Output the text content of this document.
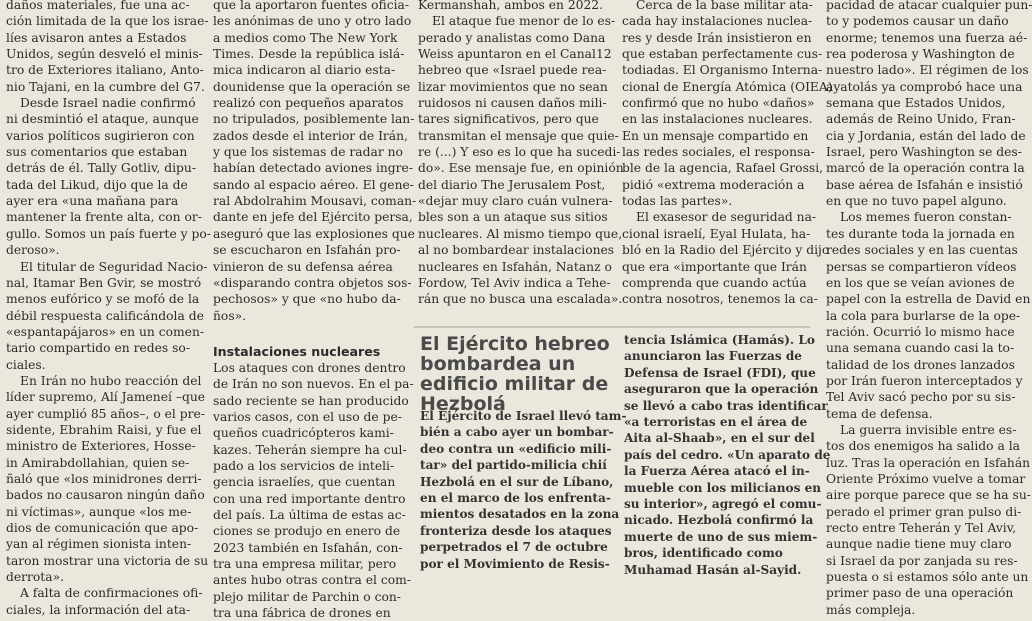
daños materiales, fue una ac-
ción limitada de la que los israe-
líes avisaron antes a Estados
Unidos, según desveló el minis-
tro de Exteriores italiano, Anto-
nio Tajani, en la cumbre del G7.
Desde Israel nadie confirmó
ni desmintió el ataque, aunque
varios políticos sugirieron con
sus comentarios que estaban
detrás de él. Tally Gotliv, dipu-
tada del Likud, dijo que la de
ayer era «una mañana para
mantener la frente alta, con or-
gullo. Somos un país fuerte y po-
deroso».
El titular de Seguridad Nacio-
nal, Itamar Ben Gvir, se mostró
menos eufórico y se mofó de la
débil respuesta calificándola de
«espantapájaros» en un comen-
tario compartido en redes so-
ciales.
En Irán no hubo reacción del
líder supremo, Alí Jameneí –que
ayer cumplió 85 años–, o el pre-
sidente, Ebrahim Raisi, y fue el
ministro de Exteriores, Hosse-
in Amirabdollahian, quien se-
ñaló que «los minidrones derri-
bados no causaron ningún daño
ni víctimas», aunque «los me-
dios de comunicación que apo-
yan al régimen sionista inten-
taron mostrar una victoria de su
derrota».
A falta de confirmaciones ofi-
ciales, la información del ata-
que la aportaron fuentes oficia-
les anónimas de uno y otro lado
a medios como The New York
Times. Desde la república islá-
mica indicaron al diario esta-
dounidense que la operación se
realizó con pequeños aparatos
no tripulados, posiblemente lan-
zados desde el interior de Irán,
y que los sistemas de radar no
habían detectado aviones ingre-
sando al espacio aéreo. El gene-
ral Abdolrahim Mousavi, coman-
dante en jefe del Ejército persa,
aseguró que las explosiones que
se escucharon en Isfahán pro-
vinieron de su defensa aérea
«disparando contra objetos sos-
pechosos» y que «no hubo da-
ños».
Instalaciones nucleares
Los ataques con drones dentro
de Irán no son nuevos. En el pa-
sado reciente se han producido
varios casos, con el uso de pe-
queños cuadricópteros kami-
kazes. Teherán siempre ha cul-
pado a los servicios de inteli-
gencia israelíes, que cuentan
con una red importante dentro
del país. La última de estas ac-
ciones se produjo en enero de
2023 también en Isfahán, con-
tra una empresa militar, pero
antes hubo otras contra el com-
plejo militar de Parchin o con-
tra una fábrica de drones en
Kermanshah, ambos en 2022.
El ataque fue menor de lo es-
perado y analistas como Dana
Weiss apuntaron en el Canal12
hebreo que «Israel puede rea-
lizar movimientos que no sean
ruidosos ni causen daños mili-
tares significativos, pero que
transmitan el mensaje que quie-
re (...) Y eso es lo que ha sucedi-
do». Ese mensaje fue, en opinión
del diario The Jerusalem Post,
«dejar muy claro cuán vulnera-
bles son a un ataque sus sitios
nucleares. Al mismo tiempo que,
al no bombardear instalaciones
nucleares en Isfahán, Natanz o
Fordow, Tel Aviv indica a Tehe-
rán que no busca una escalada».
Cerca de la base militar ata-
cada hay instalaciones nuclea-
res y desde Irán insistieron en
que estaban perfectamente cus-
todiadas. El Organismo Interna-
cional de Energía Atómica (OIEA)
confirmó que no hubo «daños»
en las instalaciones nucleares.
En un mensaje compartido en
las redes sociales, el responsa-
ble de la agencia, Rafael Grossi,
pidió «extrema moderación a
todas las partes».
El exasesor de seguridad na-
cional israelí, Eyal Hulata, ha-
bló en la Radio del Ejército y dijo
que era «importante que Irán
comprenda que cuando actúa
contra nosotros, tenemos la ca-
pacidad de atacar cualquier pun-
to y podemos causar un daño
enorme; tenemos una fuerza aé-
rea poderosa y Washington de
nuestro lado». El régimen de los
ayatolás ya comprobó hace una
semana que Estados Unidos,
además de Reino Unido, Fran-
cia y Jordania, están del lado de
Israel, pero Washington se des-
marcó de la operación contra la
base aérea de Isfahán e insistió
en que no tuvo papel alguno.
Los memes fueron constan-
tes durante toda la jornada en
redes sociales y en las cuentas
persas se compartieron vídeos
en los que se veían aviones de
papel con la estrella de David en
la cola para burlarse de la ope-
ración. Ocurrió lo mismo hace
una semana cuando casi la to-
talidad de los drones lanzados
por Irán fueron interceptados y
Tel Aviv sacó pecho por su sis-
tema de defensa.
La guerra invisible entre es-
tos dos enemigos ha salido a la
luz. Tras la operación en Isfahán
Oriente Próximo vuelve a tomar
aire porque parece que se ha su-
perado el primer gran pulso di-
recto entre Teherán y Tel Aviv,
aunque nadie tiene muy claro
si Israel da por zanjada su res-
puesta o si estamos sólo ante un
primer paso de una operación
más compleja.
El Ejército hebreo bombardea un edificio militar de Hezbolá
El Ejército de Israel llevó tam-
bién a cabo ayer un bombar-
deo contra un «edificio mili-
tar» del partido-milicia chií
Hezbolá en el sur de Líbano,
en el marco de los enfrenta-
mientos desatados en la zona
fronteriza desde los ataques
perpetrados el 7 de octubre
por el Movimiento de Resis-
tencia Islámica (Hamás). Lo
anunciaron las Fuerzas de
Defensa de Israel (FDI), que
aseguraron que la operación
se llevó a cabo tras identificar
«a terroristas en el área de
Aita al-Shaab», en el sur del
país del cedro. «Un aparato de
la Fuerza Aérea atacó el in-
mueble con los milicianos en
su interior», agregó el comu-
nicado. Hezbolá confirmó la
muerte de uno de sus miem-
bros, identificado como
Muhamad Hasán al-Sayid.
